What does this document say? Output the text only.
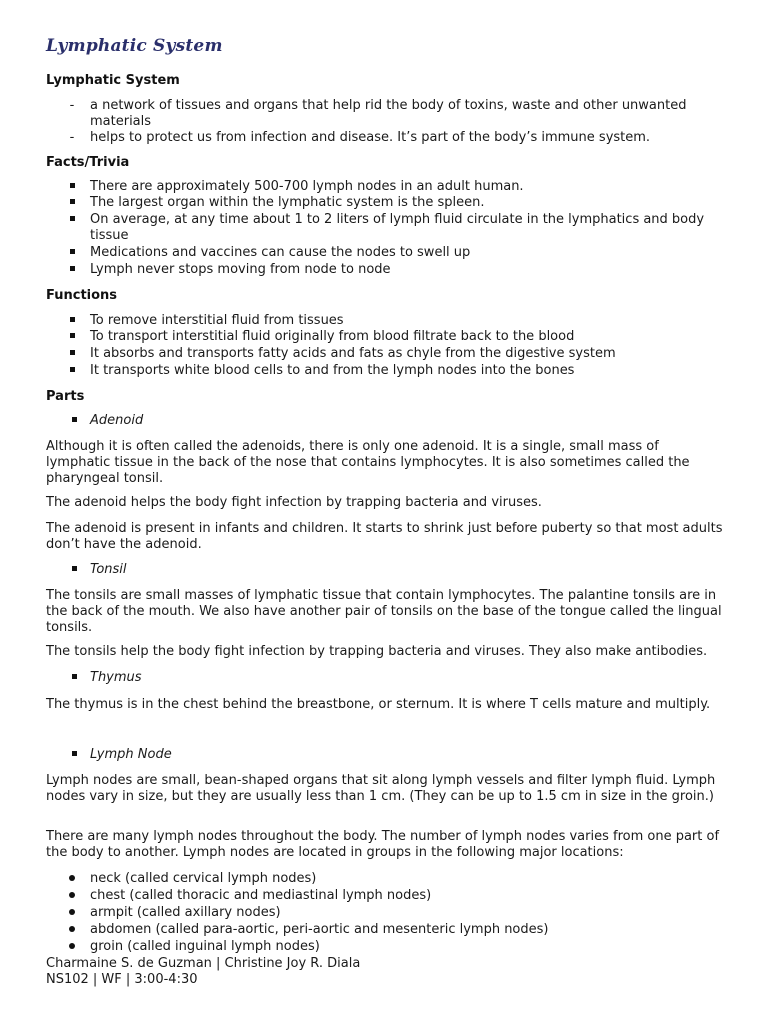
Lymphatic System
Lymphatic System
- a network of tissues and organs that help rid the body of toxins, waste and other unwanted materials
- helps to protect us from infection and disease. It’s part of the body’s immune system.
Facts/Trivia
There are approximately 500-700 lymph nodes in an adult human.
The largest organ within the lymphatic system is the spleen.
On average, at any time about 1 to 2 liters of lymph fluid circulate in the lymphatics and body tissue
Medications and vaccines can cause the nodes to swell up
Lymph never stops moving from node to node
Functions
To remove interstitial fluid from tissues
To transport interstitial fluid originally from blood filtrate back to the blood
It absorbs and transports fatty acids and fats as chyle from the digestive system
It transports white blood cells to and from the lymph nodes into the bones
Parts
Adenoid
Although it is often called the adenoids, there is only one adenoid. It is a single, small mass of lymphatic tissue in the back of the nose that contains lymphocytes. It is also sometimes called the pharyngeal tonsil.
The adenoid helps the body fight infection by trapping bacteria and viruses.
The adenoid is present in infants and children. It starts to shrink just before puberty so that most adults don’t have the adenoid.
Tonsil
The tonsils are small masses of lymphatic tissue that contain lymphocytes. The palantine tonsils are in the back of the mouth. We also have another pair of tonsils on the base of the tongue called the lingual tonsils.
The tonsils help the body fight infection by trapping bacteria and viruses. They also make antibodies.
Thymus
The thymus is in the chest behind the breastbone, or sternum. It is where T cells mature and multiply.
Lymph Node
Lymph nodes are small, bean-shaped organs that sit along lymph vessels and filter lymph fluid. Lymph nodes vary in size, but they are usually less than 1 cm. (They can be up to 1.5 cm in size in the groin.)
There are many lymph nodes throughout the body. The number of lymph nodes varies from one part of the body to another. Lymph nodes are located in groups in the following major locations:
neck (called cervical lymph nodes)
chest (called thoracic and mediastinal lymph nodes)
armpit (called axillary nodes)
abdomen (called para-aortic, peri-aortic and mesenteric lymph nodes)
groin (called inguinal lymph nodes)
Charmaine S. de Guzman | Christine Joy R. Diala
NS102 | WF | 3:00-4:30
